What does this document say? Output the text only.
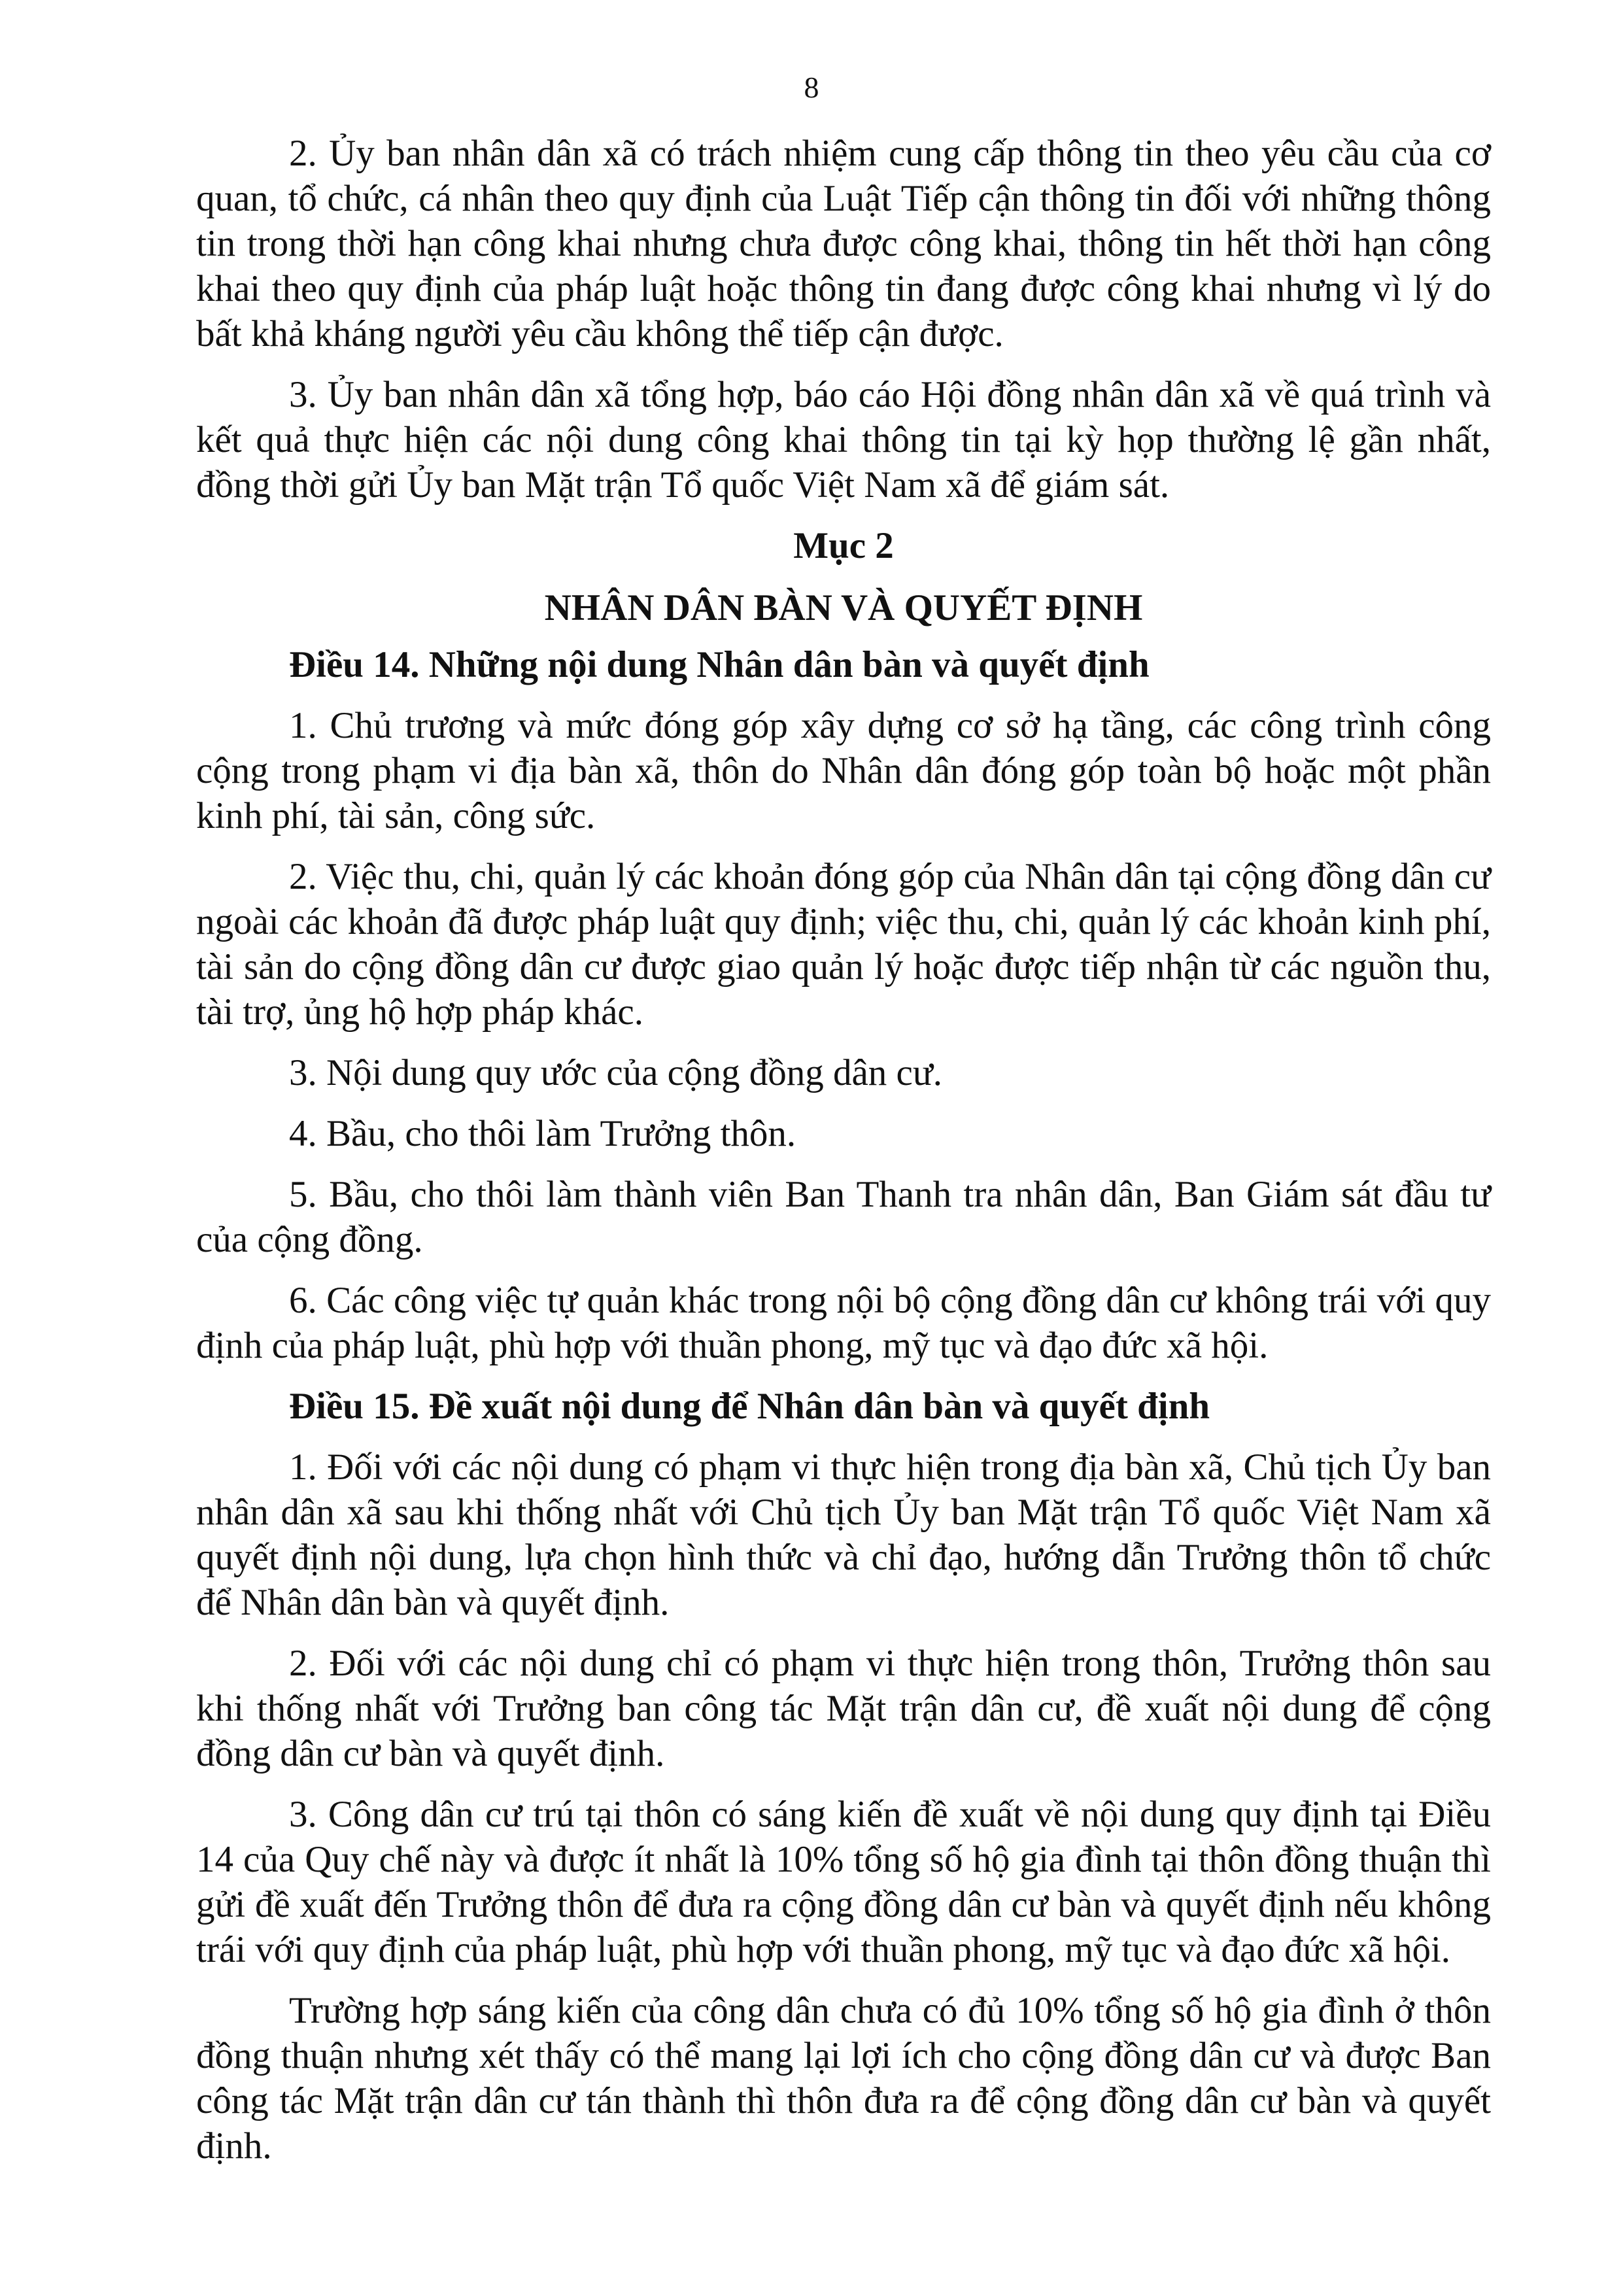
8

2. Ủy ban nhân dân xã có trách nhiệm cung cấp thông tin theo yêu cầu của cơ quan, tổ chức, cá nhân theo quy định của Luật Tiếp cận thông tin đối với những thông tin trong thời hạn công khai nhưng chưa được công khai, thông tin hết thời hạn công khai theo quy định của pháp luật hoặc thông tin đang được công khai nhưng vì lý do bất khả kháng người yêu cầu không thể tiếp cận được.

3. Ủy ban nhân dân xã tổng hợp, báo cáo Hội đồng nhân dân xã về quá trình và kết quả thực hiện các nội dung công khai thông tin tại kỳ họp thường lệ gần nhất, đồng thời gửi Ủy ban Mặt trận Tổ quốc Việt Nam xã để giám sát.

Mục 2
NHÂN DÂN BÀN VÀ QUYẾT ĐỊNH
Điều 14. Những nội dung Nhân dân bàn và quyết định

1. Chủ trương và mức đóng góp xây dựng cơ sở hạ tầng, các công trình công cộng trong phạm vi địa bàn xã, thôn do Nhân dân đóng góp toàn bộ hoặc một phần kinh phí, tài sản, công sức.

2. Việc thu, chi, quản lý các khoản đóng góp của Nhân dân tại cộng đồng dân cư ngoài các khoản đã được pháp luật quy định; việc thu, chi, quản lý các khoản kinh phí, tài sản do cộng đồng dân cư được giao quản lý hoặc được tiếp nhận từ các nguồn thu, tài trợ, ủng hộ hợp pháp khác.

3. Nội dung quy ước của cộng đồng dân cư.

4. Bầu, cho thôi làm Trưởng thôn.

5. Bầu, cho thôi làm thành viên Ban Thanh tra nhân dân, Ban Giám sát đầu tư của cộng đồng.

6. Các công việc tự quản khác trong nội bộ cộng đồng dân cư không trái với quy định của pháp luật, phù hợp với thuần phong, mỹ tục và đạo đức xã hội.

Điều 15. Đề xuất nội dung để Nhân dân bàn và quyết định

1. Đối với các nội dung có phạm vi thực hiện trong địa bàn xã, Chủ tịch Ủy ban nhân dân xã sau khi thống nhất với Chủ tịch Ủy ban Mặt trận Tổ quốc Việt Nam xã quyết định nội dung, lựa chọn hình thức và chỉ đạo, hướng dẫn Trưởng thôn tổ chức để Nhân dân bàn và quyết định.

2. Đối với các nội dung chỉ có phạm vi thực hiện trong thôn, Trưởng thôn sau khi thống nhất với Trưởng ban công tác Mặt trận dân cư, đề xuất nội dung để cộng đồng dân cư bàn và quyết định.

3. Công dân cư trú tại thôn có sáng kiến đề xuất về nội dung quy định tại Điều 14 của Quy chế này và được ít nhất là 10% tổng số hộ gia đình tại thôn đồng thuận thì gửi đề xuất đến Trưởng thôn để đưa ra cộng đồng dân cư bàn và quyết định nếu không trái với quy định của pháp luật, phù hợp với thuần phong, mỹ tục và đạo đức xã hội.

Trường hợp sáng kiến của công dân chưa có đủ 10% tổng số hộ gia đình ở thôn đồng thuận nhưng xét thấy có thể mang lại lợi ích cho cộng đồng dân cư và được Ban công tác Mặt trận dân cư tán thành thì thôn đưa ra để cộng đồng dân cư bàn và quyết định.
